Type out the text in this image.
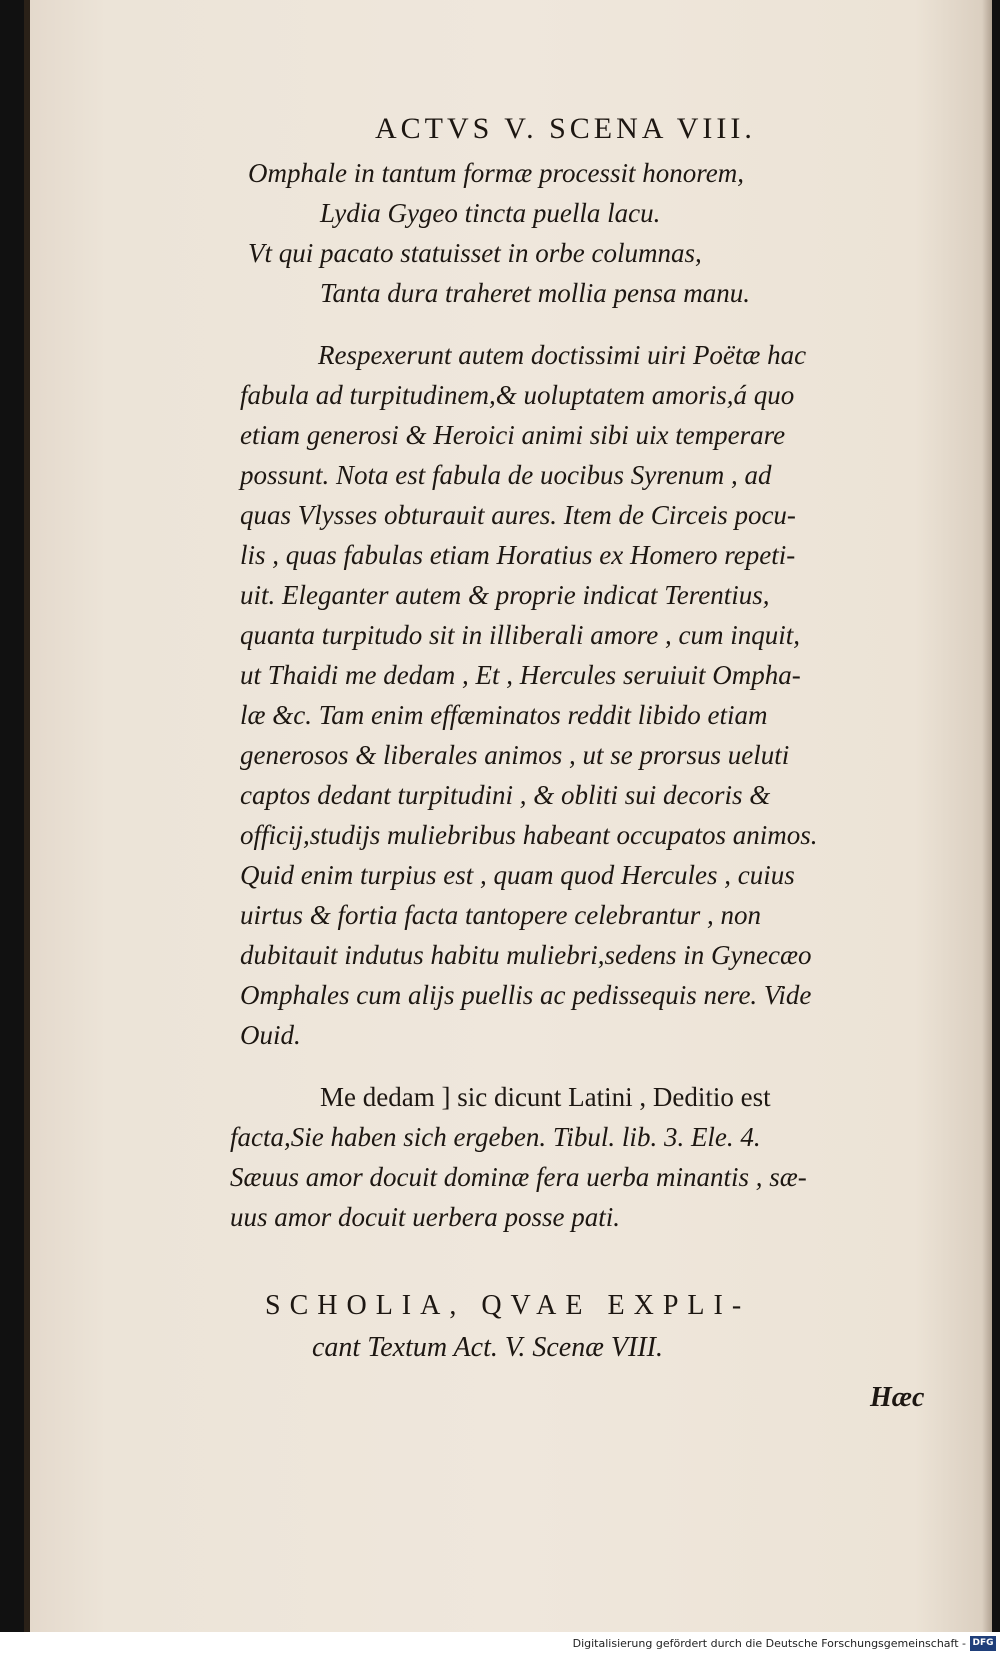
ACTVS V. SCENA VIII.
Omphale in tantum formæ processit honorem,
Lydia Gygeo tincta puella lacu.
Vt qui pacato statuisset in orbe columnas,
Tanta dura traheret mollia pensa manu.
Respexerunt autem doctissimi uiri Poëtæ hac
fabula ad turpitudinem,& uoluptatem amoris,á quo
etiam generosi & Heroici animi sibi uix temperare
possunt. Nota est fabula de uocibus Syrenum , ad
quas Vlysses obturauit aures. Item de Circeis pocu-
lis , quas fabulas etiam Horatius ex Homero repeti-
uit. Eleganter autem & proprie indicat Terentius,
quanta turpitudo sit in illiberali amore , cum inquit,
ut Thaidi me dedam , Et , Hercules seruiuit Ompha-
læ &c. Tam enim effæminatos reddit libido etiam
generosos & liberales animos , ut se prorsus ueluti
captos dedant turpitudini , & obliti sui decoris &
officij,studijs muliebribus habeant occupatos animos.
Quid enim turpius est , quam quod Hercules , cuius
uirtus & fortia facta tantopere celebrantur , non
dubitauit indutus habitu muliebri,sedens in Gynecæo
Omphales cum alijs puellis ac pedissequis nere. Vide
Ouid.
Me dedam ] sic dicunt Latini , Deditio est
facta,Sie haben sich ergeben. Tibul. lib. 3. Ele. 4.
Sæuus amor docuit dominæ fera uerba minantis , sæ-
uus amor docuit uerbera posse pati.
SCHOLIA, QVAE EXPLI-
cant Textum Act. V. Scenæ VIII.
Hæc
Digitalisierung gefördert durch die Deutsche Forschungsgemeinschaft - DFG
